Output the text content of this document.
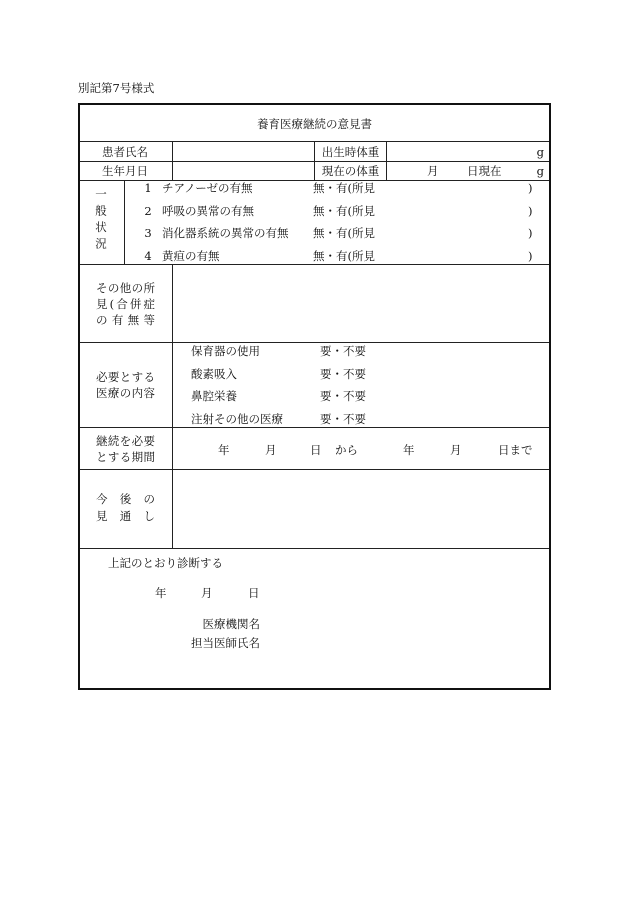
別記第7号様式
養育医療継続の意見書
患者氏名	出生時体重	g
生年月日	現在の体重	月 日現在	g
一般状況	1 チアノーゼの有無	無・有(所見	)
2 呼吸の異常の有無	無・有(所見	)
3 消化器系統の異常の有無 無・有(所見	)
4 黄疸の有無	無・有(所見	)
そ の 他 の 所
見 ( 合 併 症
の 有 無 等
必 要 と す る
医 療 の 内 容
保育器の使用	要・不要
酸素吸入	要・不要
鼻腔栄養	要・不要
注射その他の医療	要・不要
継 続 を 必 要
と す る 期 間	年	月	日 から	年	月	日まで
今 後 の
見 通 し
上記のとおり診断する
年	月	日
医療機関名
担当医師氏名
